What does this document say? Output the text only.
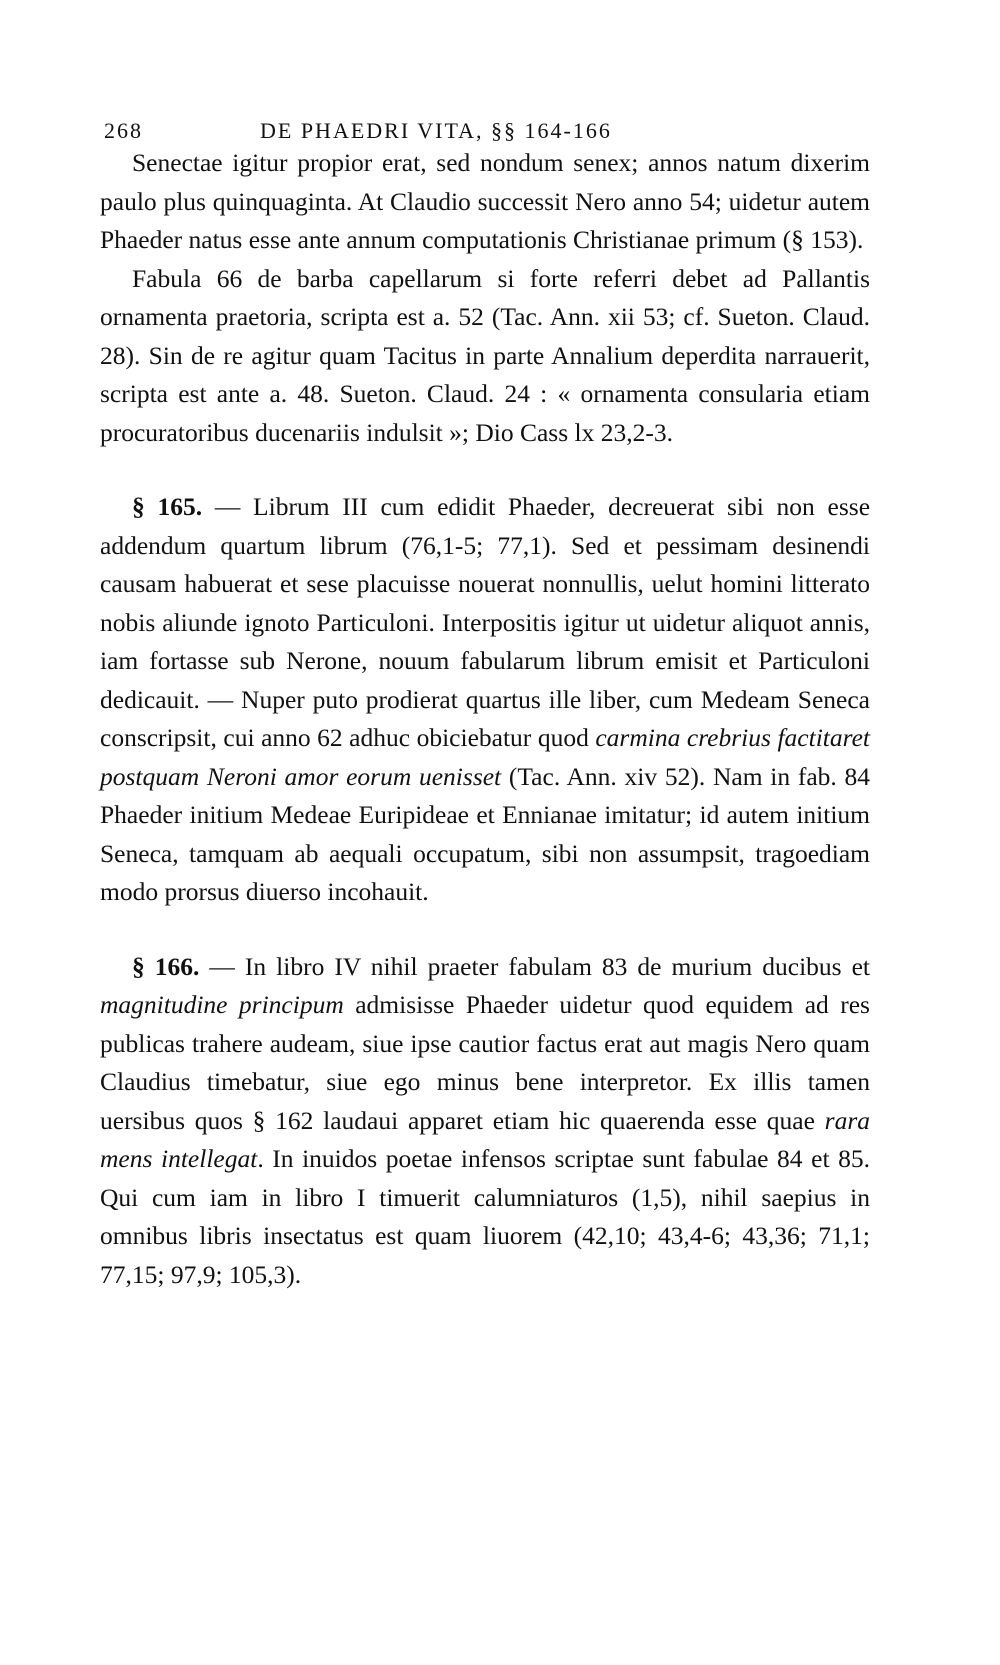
268	DE PHAEDRI VITA, §§ 164-166

Senectae igitur propior erat, sed nondum senex; annos natum dixerim paulo plus quinquaginta. At Claudio successit Nero anno 54; uidetur autem Phaeder natus esse ante annum computationis Christianae primum (§ 153).

Fabula 66 de barba capellarum si forte referri debet ad Pallantis ornamenta praetoria, scripta est a. 52 (Tac. Ann. xii 53; cf. Sueton. Claud. 28). Sin de re agitur quam Tacitus in parte Annalium deperdita narrauerit, scripta est ante a. 48. Sueton. Claud. 24 : « ornamenta consularia etiam procuratoribus ducenariis indulsit »; Dio Cass lx 23,2-3.

§ 165. — Librum III cum edidit Phaeder, decreuerat sibi non esse addendum quartum librum (76,1-5; 77,1). Sed et pessimam desinendi causam habuerat et sese placuisse nouerat nonnullis, uelut homini litterato nobis aliunde ignoto Particuloni. Interpositis igitur ut uidetur aliquot annis, iam fortasse sub Nerone, nouum fabularum librum emisit et Particuloni dedicauit. — Nuper puto prodierat quartus ille liber, cum Medeam Seneca conscripsit, cui anno 62 adhuc obiciebatur quod carmina crebrius factitaret postquam Neroni amor eorum uenisset (Tac. Ann. xiv 52). Nam in fab. 84 Phaeder initium Medeae Euripideae et Ennianae imitatur; id autem initium Seneca, tamquam ab aequali occupatum, sibi non assumpsit, tragoediam modo prorsus diuerso incohauit.

§ 166. — In libro IV nihil praeter fabulam 83 de murium ducibus et magnitudine principum admisisse Phaeder uidetur quod equidem ad res publicas trahere audeam, siue ipse cautior factus erat aut magis Nero quam Claudius timebatur, siue ego minus bene interpretor. Ex illis tamen uersibus quos § 162 laudaui apparet etiam hic quaerenda esse quae rara mens intellegat. In inuidos poetae infensos scriptae sunt fabulae 84 et 85. Qui cum iam in libro I timuerit calumniaturos (1,5), nihil saepius in omnibus libris insectatus est quam liuorem (42,10; 43,4-6; 43,36; 71,1; 77,15; 97,9; 105,3).
